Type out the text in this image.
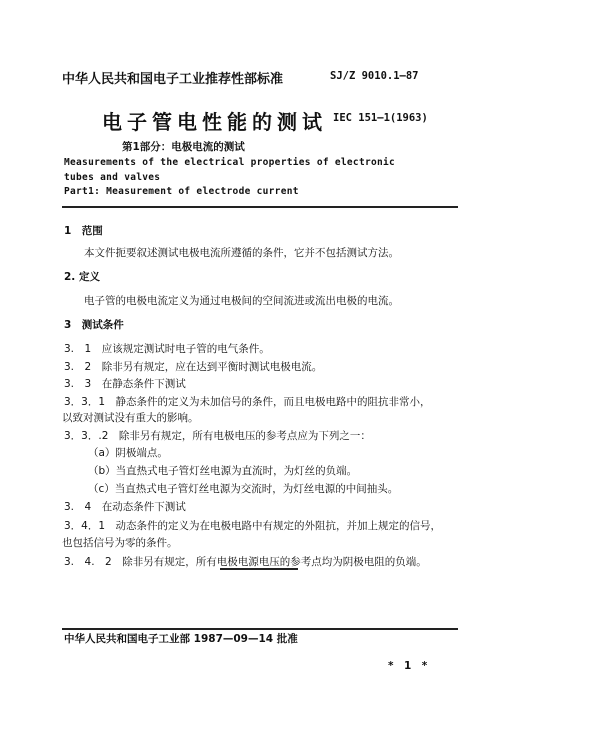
中华人民共和国电子工业推荐性部标准	SJ/Z 9010.1—87
电子管电性能的测试 IEC 151—1(1963)
第1部分：电极电流的测试
Measurements of the electrical properties of electronic
tubes and valves
Part1: Measurement of electrode current
1　范围
本文件扼要叙述测试电极电流所遵循的条件，它并不包括测试方法。
2. 定义
电子管的电极电流定义为通过电极间的空间流进或流出电极的电流。
3　测试条件
3.　1　应该规定测试时电子管的电气条件。
3.　2　除非另有规定，应在达到平衡时测试电极电流。
3.　3　在静态条件下测试
3．3．1　静态条件的定义为未加信号的条件，而且电极电路中的阻抗非常小，
以致对测试没有重大的影响。
3．3．.2　除非另有规定，所有电极电压的参考点应为下列之一：
（a）阴极端点。
（b）当直热式电子管灯丝电源为直流时，为灯丝的负端。
（c）当直热式电子管灯丝电源为交流时，为灯丝电源的中间抽头。
3.　4　在动态条件下测试
3．4．1　动态条件的定义为在电极电路中有规定的外阻抗，并加上规定的信号，
也包括信号为零的条件。
3.　4.　2　除非另有规定，所有电极电源电压的参考点均为阴极电阻的负端。
中华人民共和国电子工业部 1987—09—14 批准
*　1　*
